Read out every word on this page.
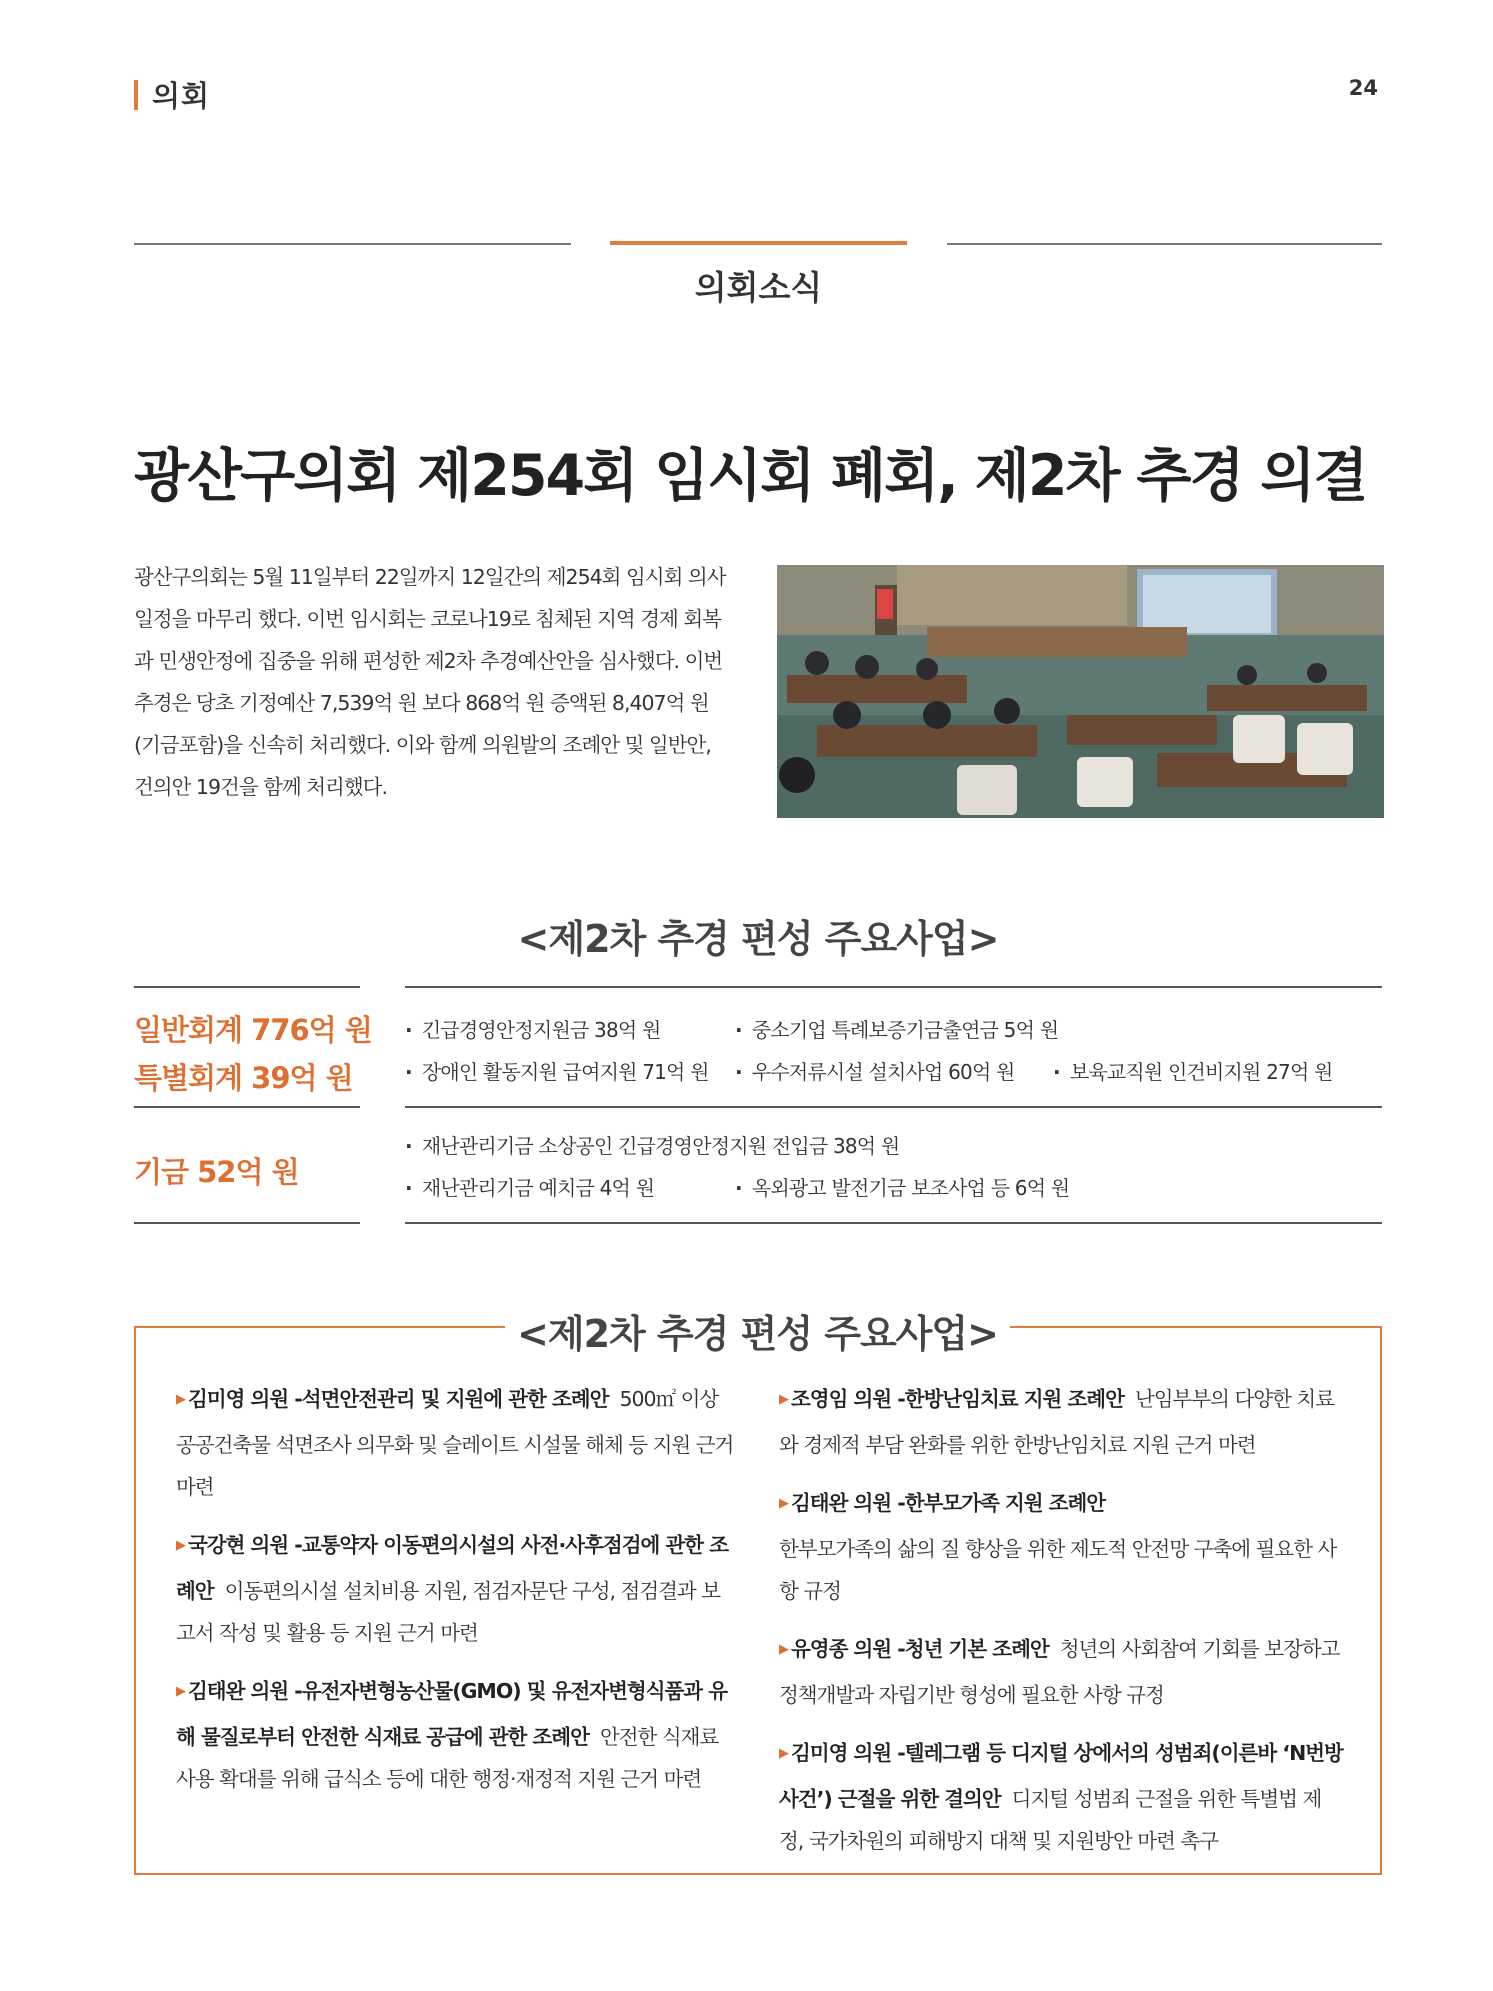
의회	24
의회소식
광산구의회 제254회 임시회 폐회, 제2차 추경 의결

광산구의회는 5월 11일부터 22일까지 12일간의 제254회 임시회 의사일정을 마무리 했다. 이번 임시회는 코로나19로 침체된 지역 경제 회복과 민생안정에 집중을 위해 편성한 제2차 추경예산안을 심사했다. 이번 추경은 당초 기정예산 7,539억 원 보다 868억 원 증액된 8,407억 원(기금포함)을 신속히 처리했다. 이와 함께 의원발의 조례안 및 일반안, 건의안 19건을 함께 처리했다.

<제2차 추경 편성 주요사업>
일반회계 776억 원
특별회계 39억 원
· 긴급경영안정지원금 38억 원	· 중소기업 특례보증기금출연금 5억 원
· 장애인 활동지원 급여지원 71억 원	· 우수저류시설 설치사업 60억 원	· 보육교직원 인건비지원 27억 원
기금 52억 원
· 재난관리기금 소상공인 긴급경영안정지원 전입금 38억 원
· 재난관리기금 예치금 4억 원	· 옥외광고 발전기금 보조사업 등 6억 원
<제2차 추경 편성 주요사업>
▶ 김미영 의원 -석면안전관리 및 지원에 관한 조례안 500㎡ 이상 공공건축물 석면조사 의무화 및 슬레이트 시설물 해체 등 지원 근거 마련
▶ 국강현 의원 -교통약자 이동편의시설의 사전·사후점검에 관한 조례안 이동편의시설 설치비용 지원, 점검자문단 구성, 점검결과 보고서 작성 및 활용 등 지원 근거 마련
▶ 김태완 의원 -유전자변형농산물(GMO) 및 유전자변형식품과 유해 물질로부터 안전한 식재료 공급에 관한 조례안 안전한 식재료 사용 확대를 위해 급식소 등에 대한 행정·재정적 지원 근거 마련
▶ 조영임 의원 -한방난임치료 지원 조례안 난임부부의 다양한 치료와 경제적 부담 완화를 위한 한방난임치료 지원 근거 마련
▶ 김태완 의원 -한부모가족 지원 조례안
한부모가족의 삶의 질 향상을 위한 제도적 안전망 구축에 필요한 사항 규정
▶ 유영종 의원 -청년 기본 조례안 청년의 사회참여 기회를 보장하고 정책개발과 자립기반 형성에 필요한 사항 규정
▶ 김미영 의원 -텔레그램 등 디지털 상에서의 성범죄(이른바 ‘N번방 사건’) 근절을 위한 결의안 디지털 성범죄 근절을 위한 특별법 제정, 국가차원의 피해방지 대책 및 지원방안 마련 촉구
